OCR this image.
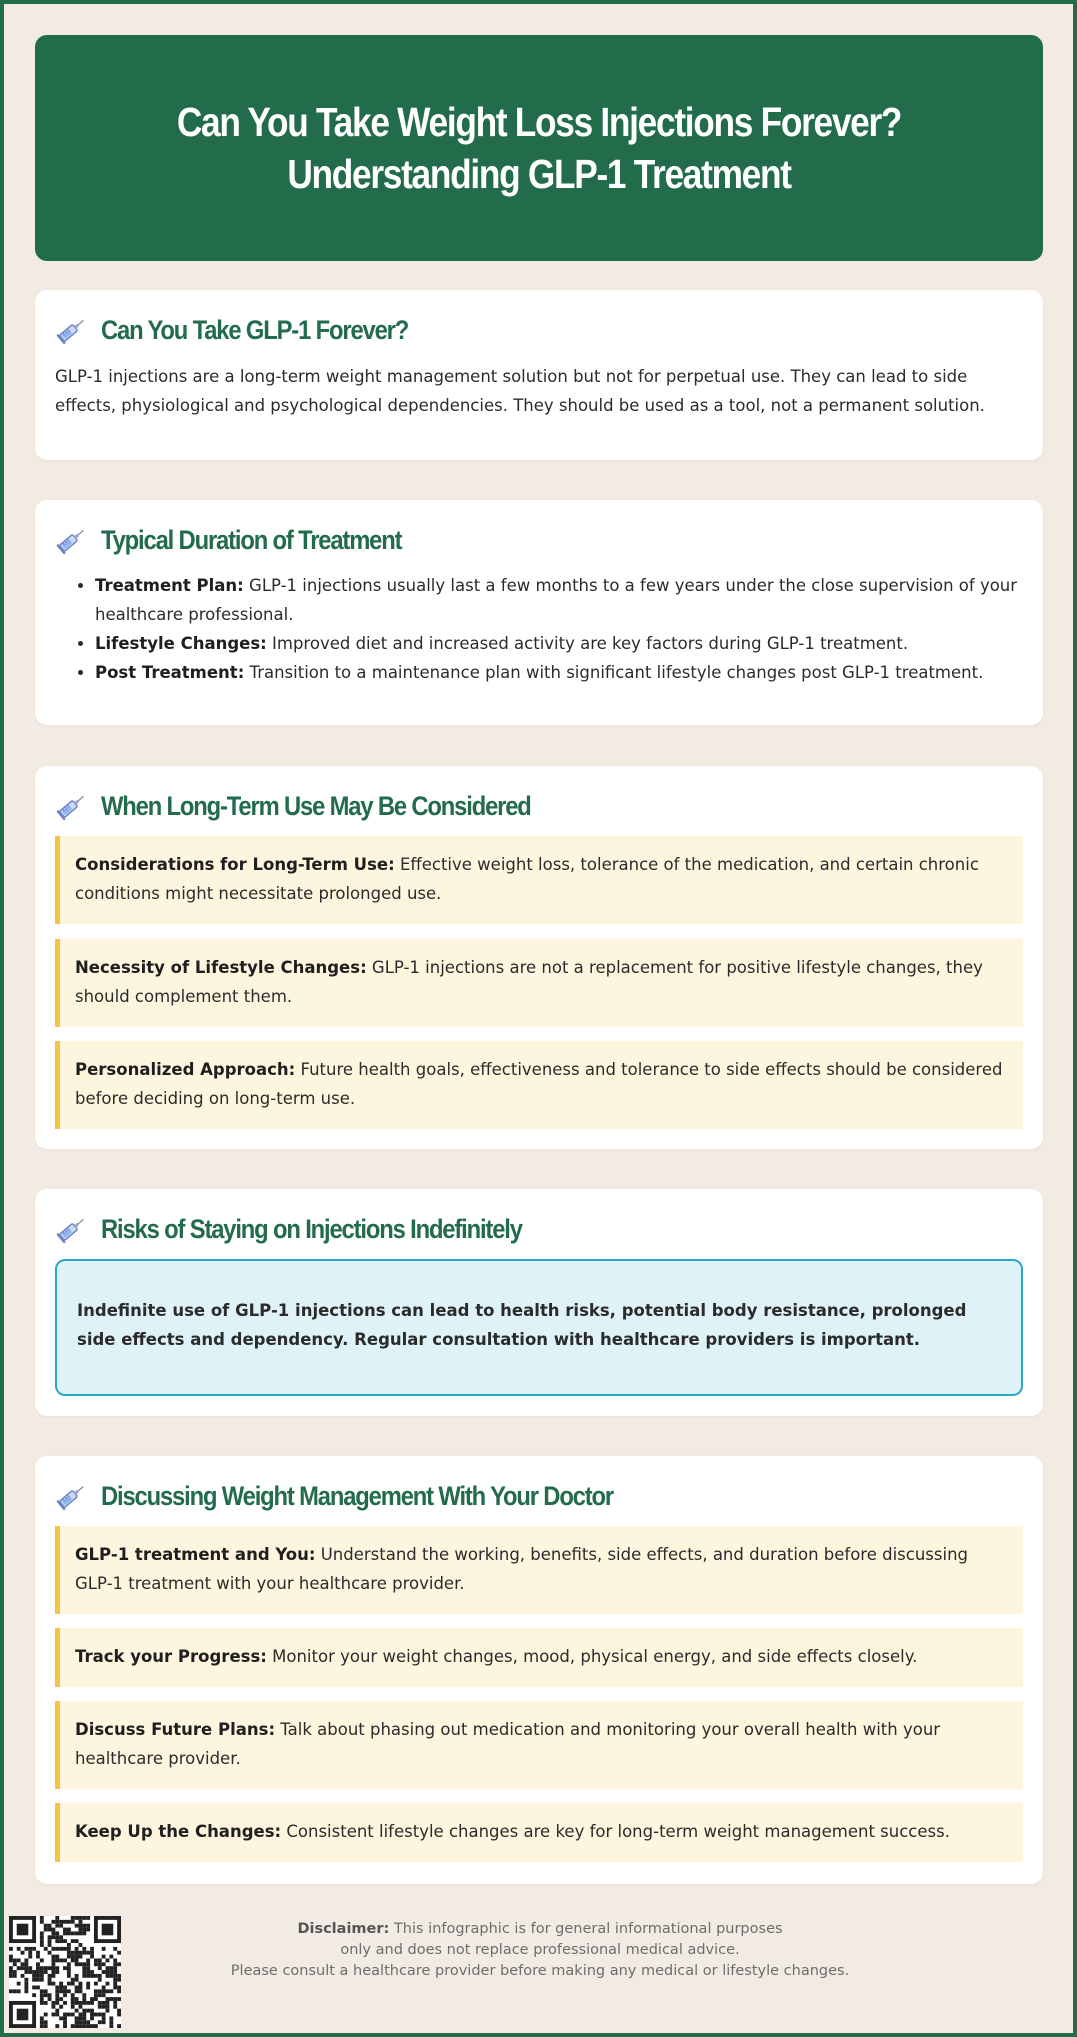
Can You Take Weight Loss Injections Forever? Understanding GLP-1 Treatment
Can You Take GLP-1 Forever?

GLP-1 injections are a long-term weight management solution but not for perpetual use. They can lead to side effects, physiological and psychological dependencies. They should be used as a tool, not a permanent solution.

Typical Duration of Treatment
• Treatment Plan: GLP-1 injections usually last a few months to a few years under the close supervision of your healthcare professional.
• Lifestyle Changes: Improved diet and increased activity are key factors during GLP-1 treatment.
• Post Treatment: Transition to a maintenance plan with significant lifestyle changes post GLP-1 treatment.
When Long-Term Use May Be Considered
Considerations for Long-Term Use: Effective weight loss, tolerance of the medication, and certain chronic conditions might necessitate prolonged use.
Necessity of Lifestyle Changes: GLP-1 injections are not a replacement for positive lifestyle changes, they should complement them.
Personalized Approach: Future health goals, effectiveness and tolerance to side effects should be considered before deciding on long-term use.
Risks of Staying on Injections Indefinitely
Indefinite use of GLP-1 injections can lead to health risks, potential body resistance, prolonged side effects and dependency. Regular consultation with healthcare providers is important.
Discussing Weight Management With Your Doctor
GLP-1 treatment and You: Understand the working, benefits, side effects, and duration before discussing GLP-1 treatment with your healthcare provider.
Track your Progress: Monitor your weight changes, mood, physical energy, and side effects closely.
Discuss Future Plans: Talk about phasing out medication and monitoring your overall health with your healthcare provider.
Keep Up the Changes: Consistent lifestyle changes are key for long-term weight management success.
Disclaimer: This infographic is for general informational purposes
only and does not replace professional medical advice.
Please consult a healthcare provider before making any medical or lifestyle changes.
